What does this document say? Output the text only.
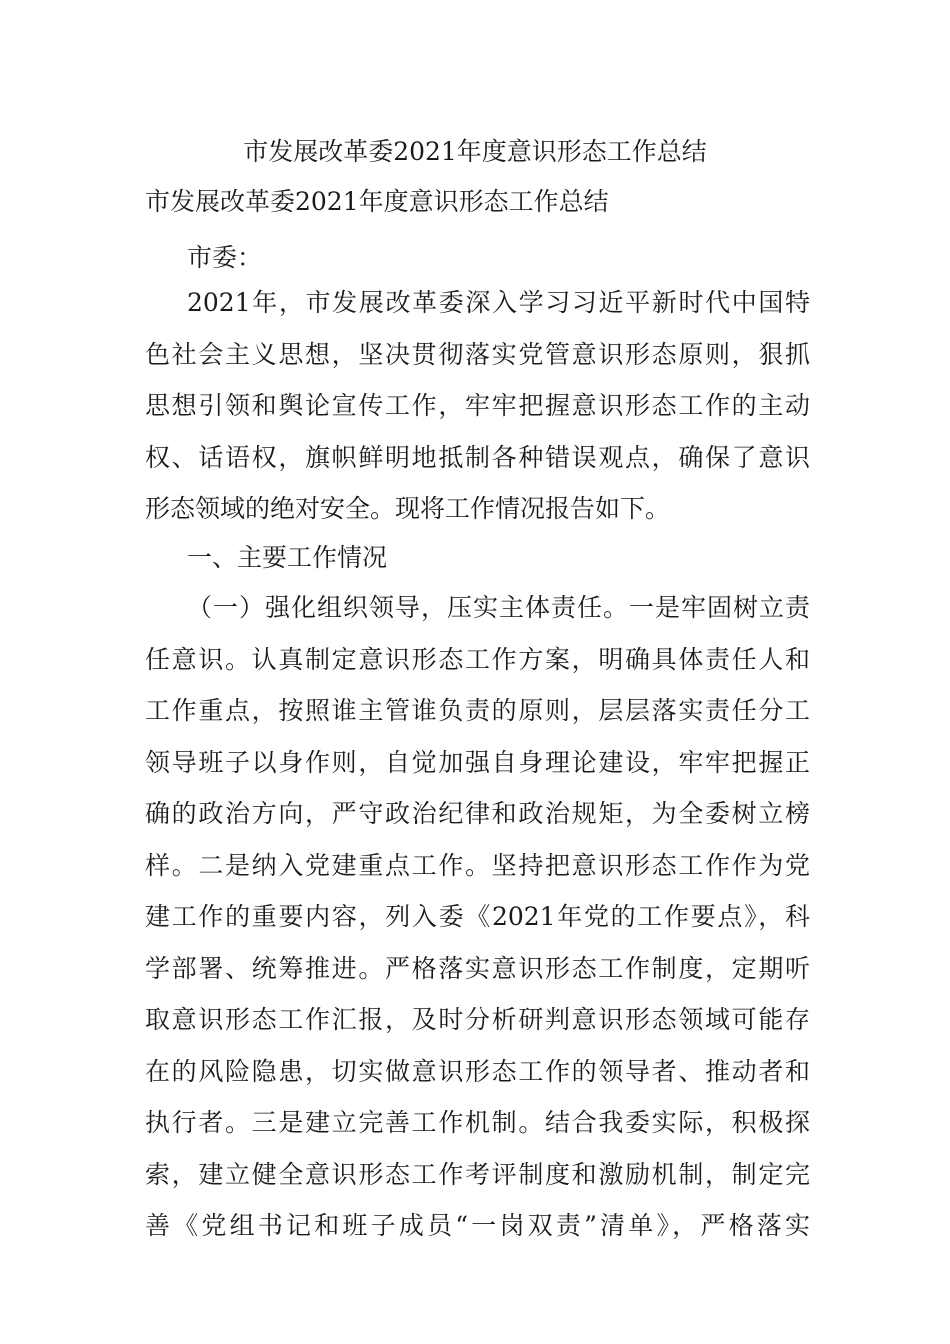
市发展改革委2021年度意识形态工作总结
市发展改革委2021年度意识形态工作总结
市委：
2021年，市发展改革委深入学习习近平新时代中国特
色社会主义思想，坚决贯彻落实党管意识形态原则，狠抓
思想引领和舆论宣传工作，牢牢把握意识形态工作的主动
权、话语权，旗帜鲜明地抵制各种错误观点，确保了意识
形态领域的绝对安全。现将工作情况报告如下。
一、主要工作情况
（一）强化组织领导，压实主体责任。一是牢固树立责
任意识。认真制定意识形态工作方案，明确具体责任人和
工作重点，按照谁主管谁负责的原则，层层落实责任分工
领导班子以身作则，自觉加强自身理论建设，牢牢把握正
确的政治方向，严守政治纪律和政治规矩，为全委树立榜
样。二是纳入党建重点工作。坚持把意识形态工作作为党
建工作的重要内容，列入委《2021年党的工作要点》，科
学部署、统筹推进。严格落实意识形态工作制度，定期听
取意识形态工作汇报，及时分析研判意识形态领域可能存
在的风险隐患，切实做意识形态工作的领导者、推动者和
执行者。三是建立完善工作机制。结合我委实际，积极探
索，建立健全意识形态工作考评制度和激励机制，制定完
善《党组书记和班子成员“一岗双责”清单》，严格落实
